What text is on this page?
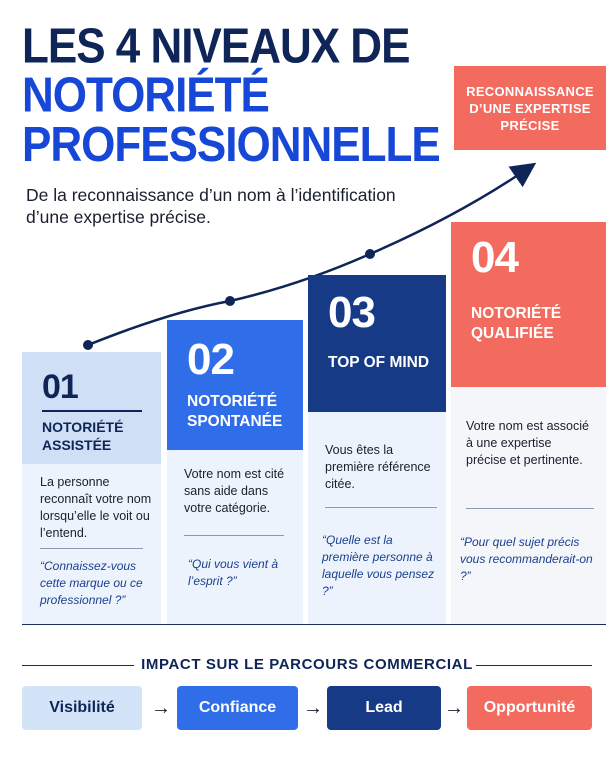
LES 4 NIVEAUX DE
NOTORIÉTÉ
PROFESSIONNELLE
De la reconnaissance d’un nom à l’identification d’une expertise précise.
RECONNAISSANCE D’UNE EXPERTISE PRÉCISE
01
NOTORIÉTÉ ASSISTÉE
La personne reconnaît votre nom lorsqu’elle le voit ou l’entend.
“Connaissez-vous cette marque ou ce professionnel ?”
02
NOTORIÉTÉ SPONTANÉE
Votre nom est cité sans aide dans votre catégorie.
“Qui vous vient à l’esprit ?”
03
TOP OF MIND
Vous êtes la première référence citée.
“Quelle est la première personne à laquelle vous pensez ?”
04
NOTORIÉTÉ QUALIFIÉE
Votre nom est associé à une expertise précise et pertinente.
“Pour quel sujet précis vous recommanderait-on ?”
IMPACT SUR LE PARCOURS COMMERCIAL
Visibilité	→	Confiance	→	Lead	→	Opportunité
